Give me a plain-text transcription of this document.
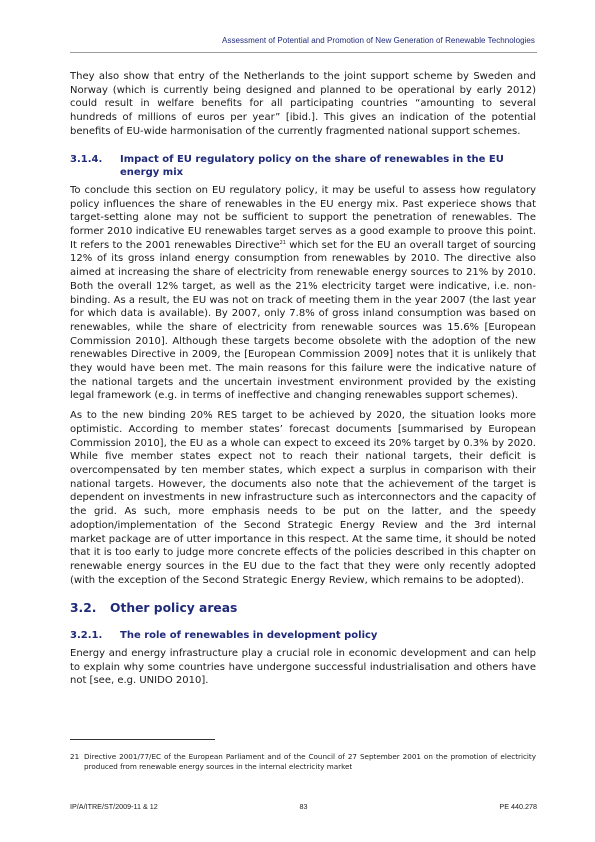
Assessment of Potential and Promotion of New Generation of Renewable Technologies

They also show that entry of the Netherlands to the joint support scheme by Sweden and Norway (which is currently being designed and planned to be operational by early 2012) could result in welfare benefits for all participating countries “amounting to several hundreds of millions of euros per year” [ibid.]. This gives an indication of the potential benefits of EU-wide harmonisation of the currently fragmented national support schemes.

3.1.4.	Impact of EU regulatory policy on the share of renewables in the EU energy mix

To conclude this section on EU regulatory policy, it may be useful to assess how regulatory policy influences the share of renewables in the EU energy mix. Past experiece shows that target-setting alone may not be sufficient to support the penetration of renewables. The former 2010 indicative EU renewables target serves as a good example to proove this point. It refers to the 2001 renewables Directive$^{21}$ which set for the EU an overall target of sourcing 12% of its gross inland energy consumption from renewables by 2010. The directive also aimed at increasing the share of electricity from renewable energy sources to 21% by 2010. Both the overall 12% target, as well as the 21% electricity target were indicative, i.e. non-binding. As a result, the EU was not on track of meeting them in the year 2007 (the last year for which data is available). By 2007, only 7.8% of gross inland consumption was based on renewables, while the share of electricity from renewable sources was 15.6% [European Commission 2010]. Although these targets become obsolete with the adoption of the new renewables Directive in 2009, the [European Commission 2009] notes that it is unlikely that they would have been met. The main reasons for this failure were the indicative nature of the national targets and the uncertain investment environment provided by the existing legal framework (e.g. in terms of ineffective and changing renewables support schemes).

As to the new binding 20% RES target to be achieved by 2020, the situation looks more optimistic. According to member states’ forecast documents [summarised by European Commission 2010], the EU as a whole can expect to exceed its 20% target by 0.3% by 2020. While five member states expect not to reach their national targets, their deficit is overcompensated by ten member states, which expect a surplus in comparison with their national targets. However, the documents also note that the achievement of the target is dependent on investments in new infrastructure such as interconnectors and the capacity of the grid. As such, more emphasis needs to be put on the latter, and the speedy adoption/implementation of the Second Strategic Energy Review and the 3rd internal market package are of utter importance in this respect. At the same time, it should be noted that it is too early to judge more concrete effects of the policies described in this chapter on renewable energy sources in the EU due to the fact that they were only recently adopted (with the exception of the Second Strategic Energy Review, which remains to be adopted).

3.2.	Other policy areas
3.2.1.	The role of renewables in development policy

Energy and energy infrastructure play a crucial role in economic development and can help to explain why some countries have undergone successful industrialisation and others have not [see, e.g. UNIDO 2010].

21 Directive 2001/77/EC of the European Parliament and of the Council of 27 September 2001 on the promotion of electricity produced from renewable energy sources in the internal electricity market
IP/A/ITRE/ST/2009-11 & 12	83	PE 440.278
